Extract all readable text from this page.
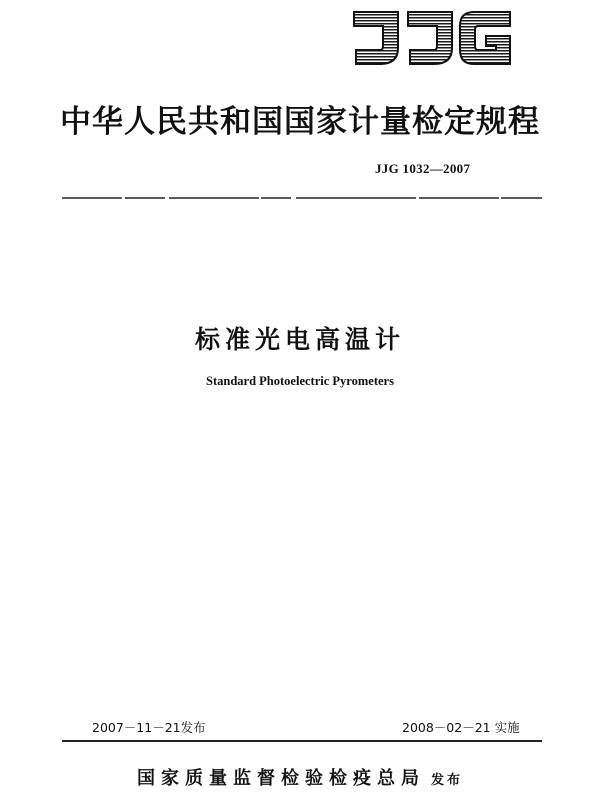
JJG
中华人民共和国国家计量检定规程
JJG 1032—2007
标准光电高温计
Standard Photoelectric Pyrometers
2007－11－21发布	2008－02－21 实施
国家质量监督检验检疫总局 发布
